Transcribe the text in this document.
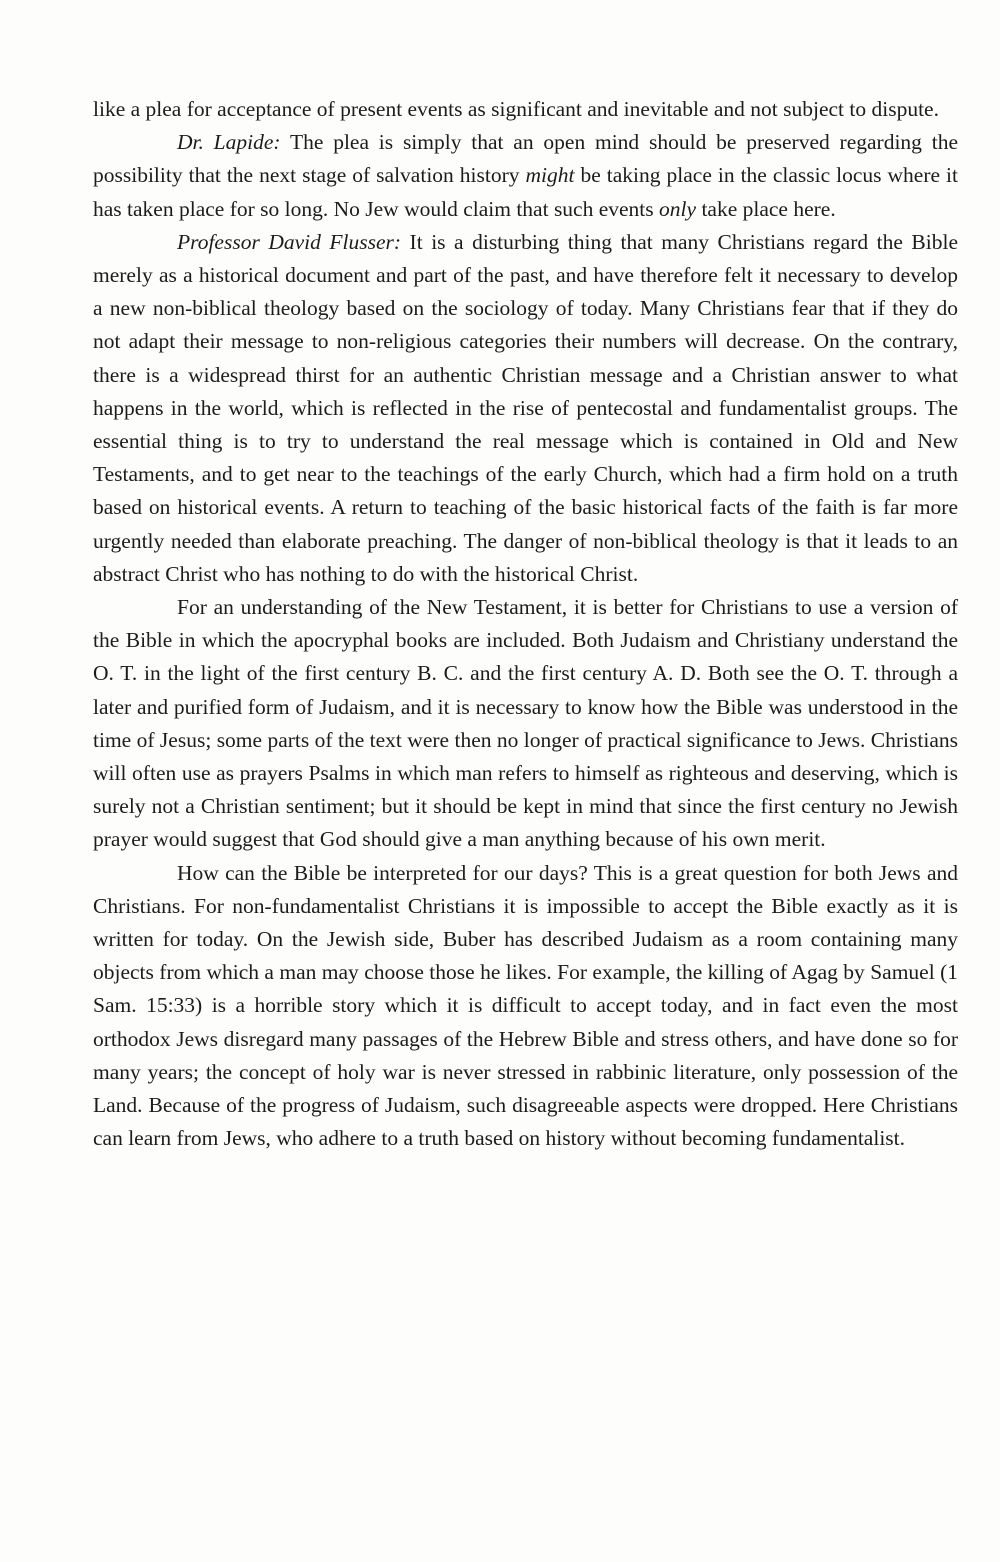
like a plea for acceptance of present events as significant and inevitable and not subject to dispute.

Dr. Lapide: The plea is simply that an open mind should be preserved regarding the possibility that the next stage of salvation history might be taking place in the classic locus where it has taken place for so long. No Jew would claim that such events only take place here.

Professor David Flusser: It is a disturbing thing that many Christians regard the Bible merely as a historical document and part of the past, and have therefore felt it necessary to develop a new non-biblical theology based on the sociology of today. Many Christians fear that if they do not adapt their message to non-religious categories their numbers will decrease. On the contrary, there is a widespread thirst for an authentic Christian message and a Christian answer to what happens in the world, which is reflected in the rise of pentecostal and fundamentalist groups. The essential thing is to try to understand the real message which is contained in Old and New Testaments, and to get near to the teachings of the early Church, which had a firm hold on a truth based on historical events. A return to teaching of the basic historical facts of the faith is far more urgently needed than elaborate preaching. The danger of non-biblical theology is that it leads to an abstract Christ who has nothing to do with the historical Christ.

For an understanding of the New Testament, it is better for Christians to use a version of the Bible in which the apocryphal books are included. Both Judaism and Christiany understand the O. T. in the light of the first century B. C. and the first century A. D. Both see the O. T. through a later and purified form of Judaism, and it is necessary to know how the Bible was understood in the time of Jesus; some parts of the text were then no longer of practical significance to Jews. Christians will often use as prayers Psalms in which man refers to himself as righteous and deserving, which is surely not a Christian sentiment; but it should be kept in mind that since the first century no Jewish prayer would suggest that God should give a man anything because of his own merit.

How can the Bible be interpreted for our days? This is a great question for both Jews and Christians. For non-fundamentalist Christians it is impossible to accept the Bible exactly as it is written for today. On the Jewish side, Buber has described Judaism as a room containing many objects from which a man may choose those he likes. For example, the killing of Agag by Samuel (1 Sam. 15:33) is a horrible story which it is difficult to accept today, and in fact even the most orthodox Jews disregard many passages of the Hebrew Bible and stress others, and have done so for many years; the concept of holy war is never stressed in rabbinic literature, only possession of the Land. Because of the progress of Judaism, such disagreeable aspects were dropped. Here Christians can learn from Jews, who adhere to a truth based on history without becoming fundamentalist.
